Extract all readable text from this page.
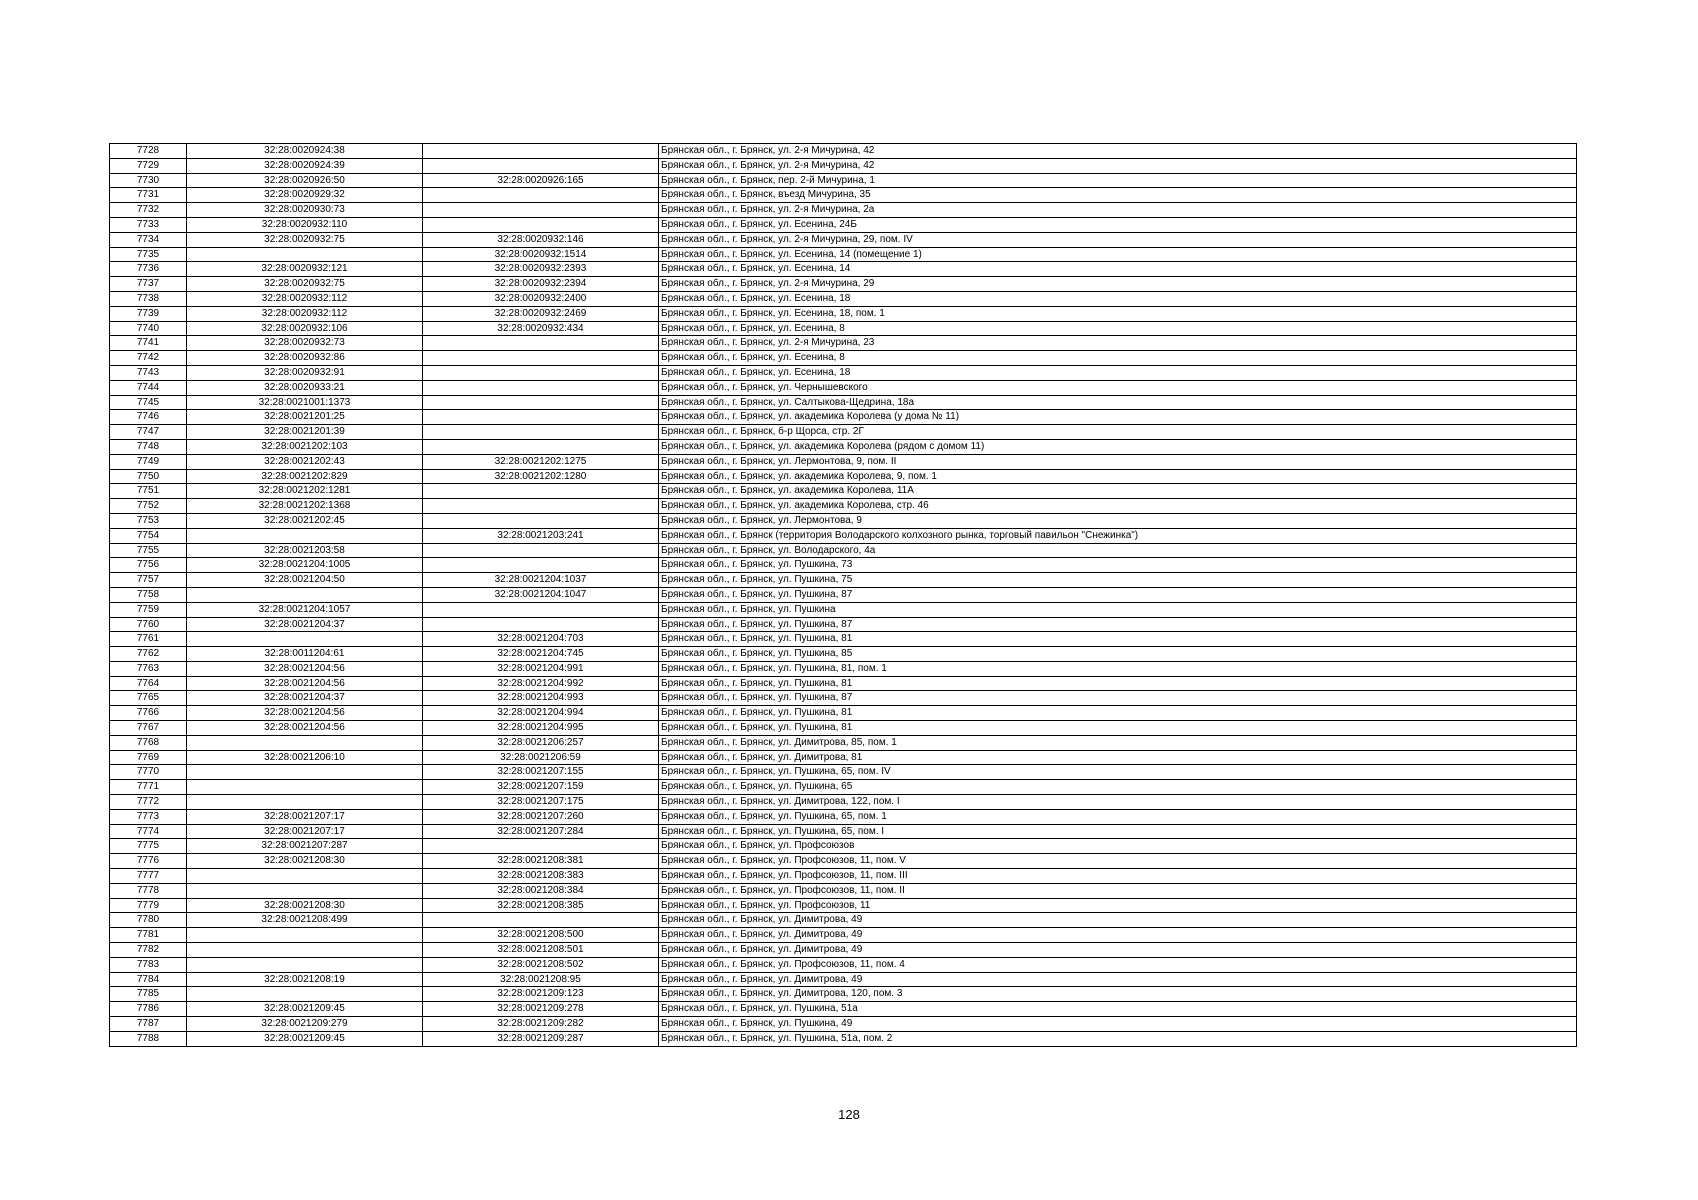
7728	32:28:0020924:38		Брянская обл., г. Брянск, ул. 2-я Мичурина, 42
7729	32:28:0020924:39		Брянская обл., г. Брянск, ул. 2-я Мичурина, 42
7730	32:28:0020926:50	32:28:0020926:165	Брянская обл., г. Брянск, пер. 2-й Мичурина, 1
7731	32:28:0020929:32		Брянская обл., г. Брянск, въезд Мичурина, 35
7732	32:28:0020930:73		Брянская обл., г. Брянск, ул. 2-я Мичурина, 2а
7733	32:28:0020932:110		Брянская обл., г. Брянск, ул. Есенина, 24Б
7734	32:28:0020932:75	32:28:0020932:146	Брянская обл., г. Брянск, ул. 2-я Мичурина, 29, пом. IV
7735		32:28:0020932:1514	Брянская обл., г. Брянск, ул. Есенина, 14 (помещение 1)
7736	32:28:0020932:121	32:28:0020932:2393	Брянская обл., г. Брянск, ул. Есенина, 14
7737	32:28:0020932:75	32:28:0020932:2394	Брянская обл., г. Брянск, ул. 2-я Мичурина, 29
7738	32:28:0020932:112	32:28:0020932:2400	Брянская обл., г. Брянск, ул. Есенина, 18
7739	32:28:0020932:112	32:28:0020932:2469	Брянская обл., г. Брянск, ул. Есенина, 18, пом. 1
7740	32:28:0020932:106	32:28:0020932:434	Брянская обл., г. Брянск, ул. Есенина, 8
7741	32:28:0020932:73		Брянская обл., г. Брянск, ул. 2-я Мичурина, 23
7742	32:28:0020932:86		Брянская обл., г. Брянск, ул. Есенина, 8
7743	32:28:0020932:91		Брянская обл., г. Брянск, ул. Есенина, 18
7744	32:28:0020933:21		Брянская обл., г. Брянск, ул. Чернышевского
7745	32:28:0021001:1373		Брянская обл., г. Брянск, ул. Салтыкова-Щедрина, 18а
7746	32:28:0021201:25		Брянская обл., г. Брянск, ул. академика Королева (у дома № 11)
7747	32:28:0021201:39		Брянская обл., г. Брянск, б-р Щорса, стр. 2Г
7748	32:28:0021202:103		Брянская обл., г. Брянск, ул. академика Королева (рядом с домом 11)
7749	32:28:0021202:43	32:28:0021202:1275	Брянская обл., г. Брянск, ул. Лермонтова, 9, пом. II
7750	32:28:0021202:829	32:28:0021202:1280	Брянская обл., г. Брянск, ул. академика Королева, 9, пом. 1
7751	32:28:0021202:1281		Брянская обл., г. Брянск, ул. академика Королева, 11А
7752	32:28:0021202:1368		Брянская обл., г. Брянск, ул. академика Королева, стр. 46
7753	32:28:0021202:45		Брянская обл., г. Брянск, ул. Лермонтова, 9
7754		32:28:0021203:241	Брянская обл., г. Брянск (территория Володарского колхозного рынка, торговый павильон "Снежинка")
7755	32:28:0021203:58		Брянская обл., г. Брянск, ул. Володарского, 4а
7756	32:28:0021204:1005		Брянская обл., г. Брянск, ул. Пушкина, 73
7757	32:28:0021204:50	32:28:0021204:1037	Брянская обл., г. Брянск, ул. Пушкина, 75
7758		32:28:0021204:1047	Брянская обл., г. Брянск, ул. Пушкина, 87
7759	32:28:0021204:1057		Брянская обл., г. Брянск, ул. Пушкина
7760	32:28:0021204:37		Брянская обл., г. Брянск, ул. Пушкина, 87
7761		32:28:0021204:703	Брянская обл., г. Брянск, ул. Пушкина, 81
7762	32:28:0011204:61	32:28:0021204:745	Брянская обл., г. Брянск, ул. Пушкина, 85
7763	32:28:0021204:56	32:28:0021204:991	Брянская обл., г. Брянск, ул. Пушкина, 81, пом. 1
7764	32:28:0021204:56	32:28:0021204:992	Брянская обл., г. Брянск, ул. Пушкина, 81
7765	32:28:0021204:37	32:28:0021204:993	Брянская обл., г. Брянск, ул. Пушкина, 87
7766	32:28:0021204:56	32:28:0021204:994	Брянская обл., г. Брянск, ул. Пушкина, 81
7767	32:28:0021204:56	32:28:0021204:995	Брянская обл., г. Брянск, ул. Пушкина, 81
7768		32:28:0021206:257	Брянская обл., г. Брянск, ул. Димитрова, 85, пом. 1
7769	32:28:0021206:10	32:28:0021206:59	Брянская обл., г. Брянск, ул. Димитрова, 81
7770		32:28:0021207:155	Брянская обл., г. Брянск, ул. Пушкина, 65, пом. IV
7771		32:28:0021207:159	Брянская обл., г. Брянск, ул. Пушкина, 65
7772		32:28:0021207:175	Брянская обл., г. Брянск, ул. Димитрова, 122, пом. I
7773	32:28:0021207:17	32:28:0021207:260	Брянская обл., г. Брянск, ул. Пушкина, 65, пом. 1
7774	32:28:0021207:17	32:28:0021207:284	Брянская обл., г. Брянск, ул. Пушкина, 65, пом. I
7775	32:28:0021207:287		Брянская обл., г. Брянск, ул. Профсоюзов
7776	32:28:0021208:30	32:28:0021208:381	Брянская обл., г. Брянск, ул. Профсоюзов, 11, пом. V
7777		32:28:0021208:383	Брянская обл., г. Брянск, ул. Профсоюзов, 11, пом. III
7778		32:28:0021208:384	Брянская обл., г. Брянск, ул. Профсоюзов, 11, пом. II
7779	32:28:0021208:30	32:28:0021208:385	Брянская обл., г. Брянск, ул. Профсоюзов, 11
7780	32:28:0021208:499		Брянская обл., г. Брянск, ул. Димитрова, 49
7781		32:28:0021208:500	Брянская обл., г. Брянск, ул. Димитрова, 49
7782		32:28:0021208:501	Брянская обл., г. Брянск, ул. Димитрова, 49
7783		32:28:0021208:502	Брянская обл., г. Брянск, ул. Профсоюзов, 11, пом. 4
7784	32:28:0021208:19	32:28:0021208:95	Брянская обл., г. Брянск, ул. Димитрова, 49
7785		32:28:0021209:123	Брянская обл., г. Брянск, ул. Димитрова, 120, пом. 3
7786	32:28:0021209:45	32:28:0021209:278	Брянская обл., г. Брянск, ул. Пушкина, 51а
7787	32:28:0021209:279	32:28:0021209:282	Брянская обл., г. Брянск, ул. Пушкина, 49
7788	32:28:0021209:45	32:28:0021209:287	Брянская обл., г. Брянск, ул. Пушкина, 51а, пом. 2
128
